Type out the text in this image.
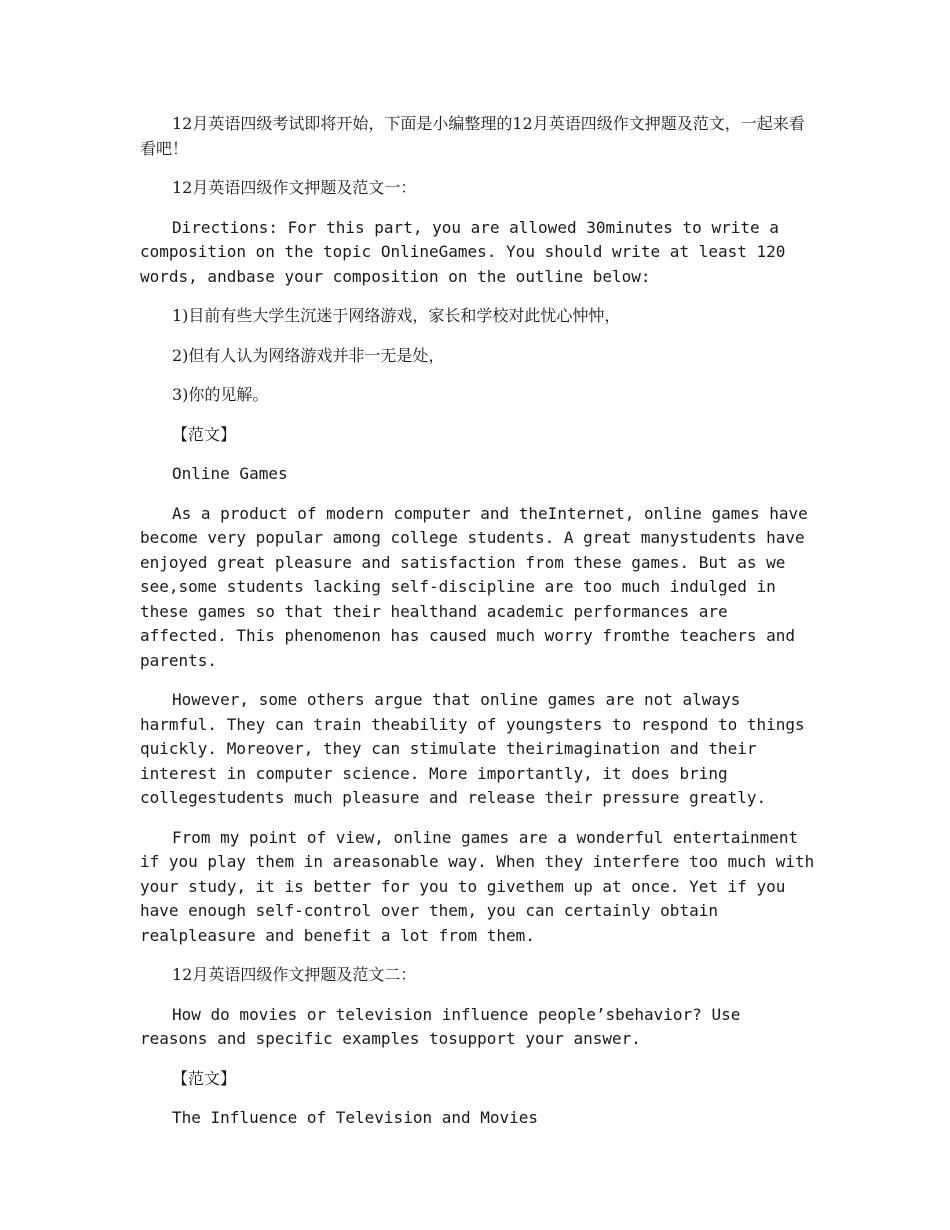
12月英语四级考试即将开始，下面是小编整理的12月英语四级作文押题及范文，一起来看看吧！

12月英语四级作文押题及范文一：

Directions: For this part, you are allowed 30minutes to write a composition on the topic OnlineGames. You should write at least 120 words, andbase your composition on the outline below:

1)目前有些大学生沉迷于网络游戏，家长和学校对此忧心忡忡，

2)但有人认为网络游戏并非一无是处，

3)你的见解。

【范文】

Online Games

As a product of modern computer and theInternet, online games have become very popular among college students. A great manystudents have enjoyed great pleasure and satisfaction from these games. But as we see,some students lacking self-discipline are too much indulged in these games so that their healthand academic performances are affected. This phenomenon has caused much worry fromthe teachers and parents.

However, some others argue that online games are not always harmful. They can train theability of youngsters to respond to things quickly. Moreover, they can stimulate theirimagination and their interest in computer science. More importantly, it does bring collegestudents much pleasure and release their pressure greatly.

From my point of view, online games are a wonderful entertainment if you play them in areasonable way. When they interfere too much with your study, it is better for you to givethem up at once. Yet if you have enough self-control over them, you can certainly obtain realpleasure and benefit a lot from them.

12月英语四级作文押题及范文二：

How do movies or television influence people’sbehavior? Use reasons and specific examples tosupport your answer.

【范文】

The Influence of Television and Movies
